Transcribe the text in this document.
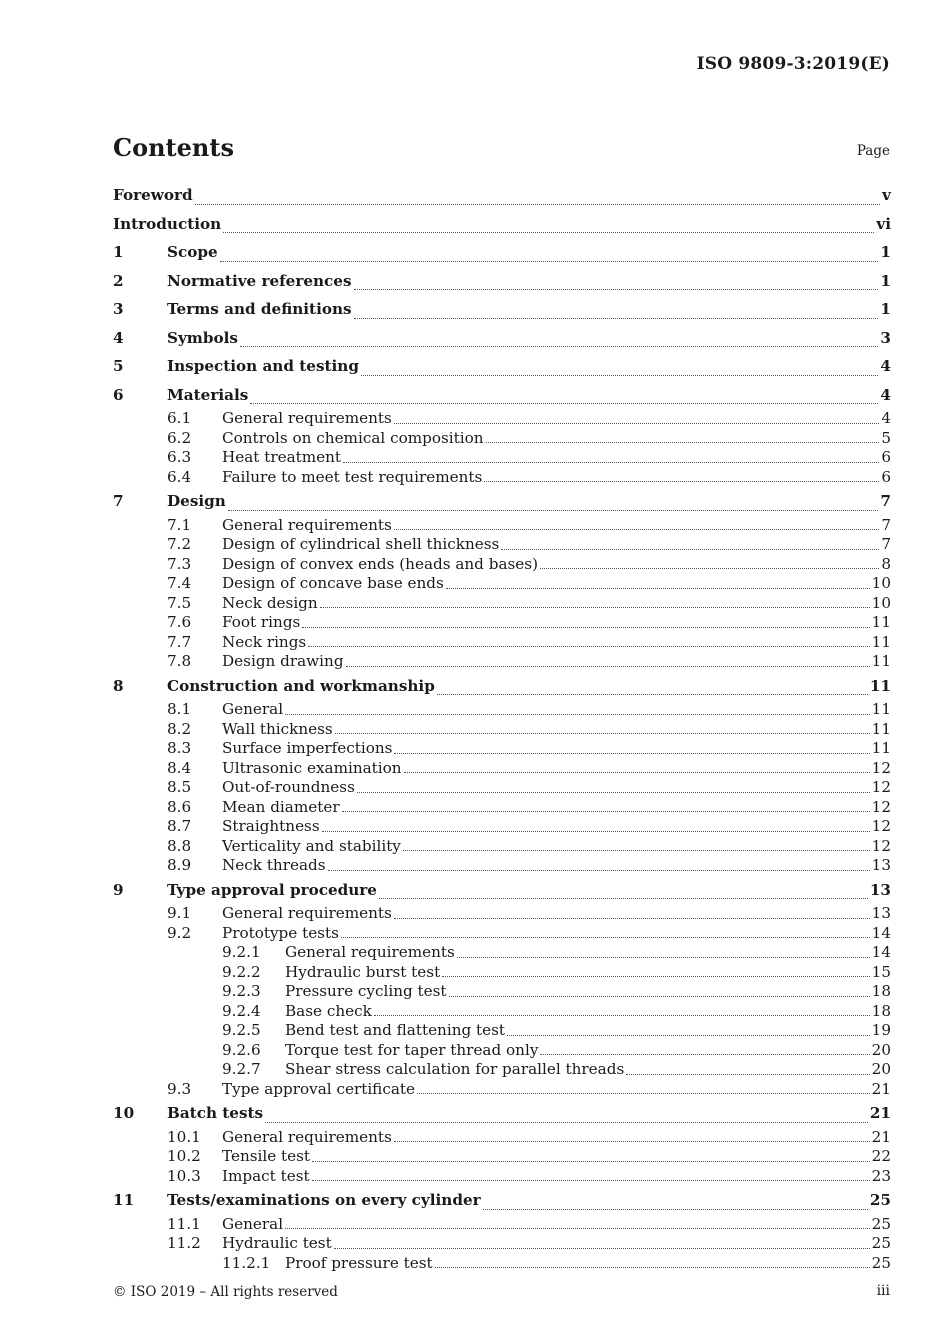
ISO 9809-3:2019(E)
Contents	Page
Foreword	v
Introduction	vi
1	Scope	1
2	Normative references	1
3	Terms and definitions	1
4	Symbols	3
5	Inspection and testing	4
6	Materials	4
6.1	General requirements	4
6.2	Controls on chemical composition	5
6.3	Heat treatment	6
6.4	Failure to meet test requirements	6
7	Design	7
7.1	General requirements	7
7.2	Design of cylindrical shell thickness	7
7.3	Design of convex ends (heads and bases)	8
7.4	Design of concave base ends	10
7.5	Neck design	10
7.6	Foot rings	11
7.7	Neck rings	11
7.8	Design drawing	11
8	Construction and workmanship	11
8.1	General	11
8.2	Wall thickness	11
8.3	Surface imperfections	11
8.4	Ultrasonic examination	12
8.5	Out-of-roundness	12
8.6	Mean diameter	12
8.7	Straightness	12
8.8	Verticality and stability	12
8.9	Neck threads	13
9	Type approval procedure	13
9.1	General requirements	13
9.2	Prototype tests	14
9.2.1	General requirements	14
9.2.2	Hydraulic burst test	15
9.2.3	Pressure cycling test	18
9.2.4	Base check	18
9.2.5	Bend test and flattening test	19
9.2.6	Torque test for taper thread only	20
9.2.7	Shear stress calculation for parallel threads	20
9.3	Type approval certificate	21
10	Batch tests	21
10.1	General requirements	21
10.2	Tensile test	22
10.3	Impact test	23
11	Tests/examinations on every cylinder	25
11.1	General	25
11.2	Hydraulic test	25
11.2.1 Proof pressure test	25
© ISO 2019 – All rights reserved	iii
